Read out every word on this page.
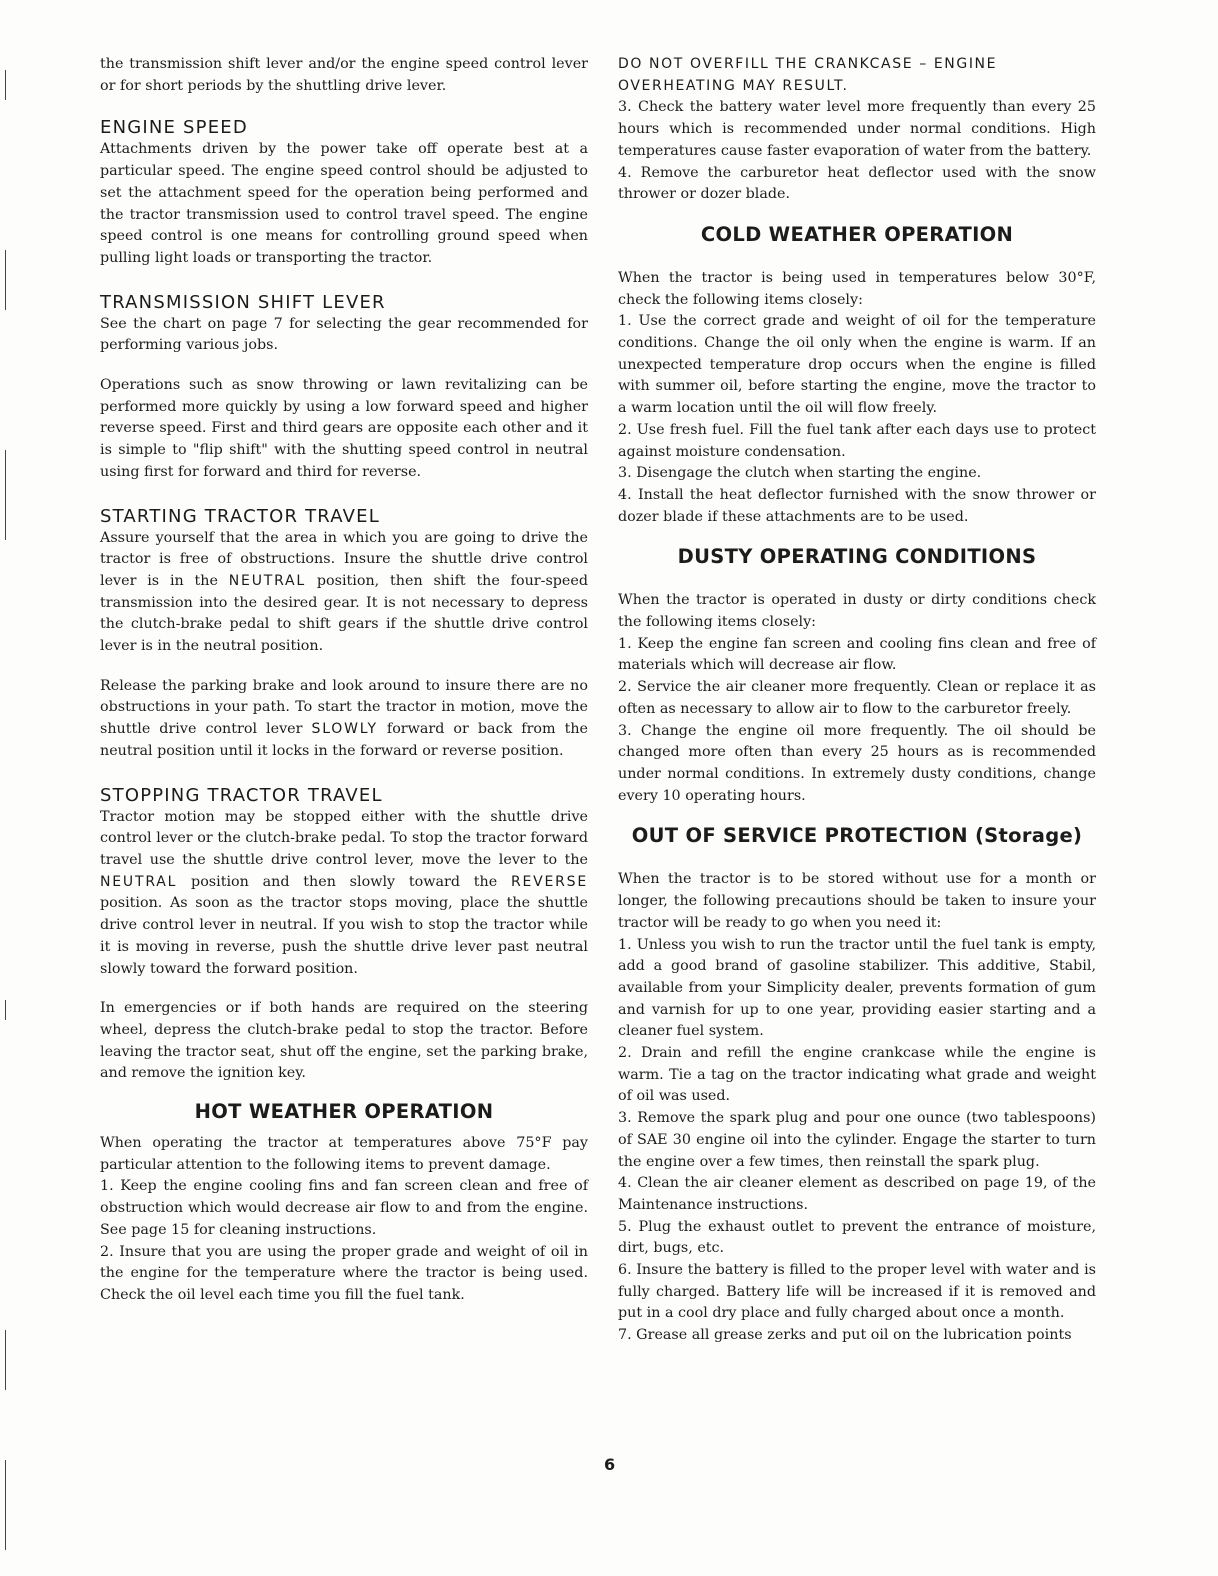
the transmission shift lever and/or the engine speed control lever or for short periods by the shuttling drive lever.

ENGINE SPEED

Attachments driven by the power take off operate best at a particular speed. The engine speed control should be adjusted to set the attachment speed for the operation being performed and the tractor transmission used to control travel speed. The engine speed control is one means for controlling ground speed when pulling light loads or transporting the tractor.

TRANSMISSION SHIFT LEVER

See the chart on page 7 for selecting the gear recommended for performing various jobs.

Operations such as snow throwing or lawn revitalizing can be performed more quickly by using a low forward speed and higher reverse speed. First and third gears are opposite each other and it is simple to "flip shift" with the shutting speed control in neutral using first for forward and third for reverse.

STARTING TRACTOR TRAVEL

Assure yourself that the area in which you are going to drive the tractor is free of obstructions. Insure the shuttle drive control lever is in the NEUTRAL position, then shift the four-speed transmission into the desired gear. It is not necessary to depress the clutch-brake pedal to shift gears if the shuttle drive control lever is in the neutral position.

Release the parking brake and look around to insure there are no obstructions in your path. To start the tractor in motion, move the shuttle drive control lever SLOWLY forward or back from the neutral position until it locks in the forward or reverse position.

STOPPING TRACTOR TRAVEL

Tractor motion may be stopped either with the shuttle drive control lever or the clutch-brake pedal. To stop the tractor forward travel use the shuttle drive control lever, move the lever to the NEUTRAL position and then slowly toward the REVERSE position. As soon as the tractor stops moving, place the shuttle drive control lever in neutral. If you wish to stop the tractor while it is moving in reverse, push the shuttle drive lever past neutral slowly toward the forward position.

In emergencies or if both hands are required on the steering wheel, depress the clutch-brake pedal to stop the tractor. Before leaving the tractor seat, shut off the engine, set the parking brake, and remove the ignition key.

HOT WEATHER OPERATION

When operating the tractor at temperatures above 75°F pay particular attention to the following items to prevent damage.

1. Keep the engine cooling fins and fan screen clean and free of obstruction which would decrease air flow to and from the engine. See page 15 for cleaning instructions.

2. Insure that you are using the proper grade and weight of oil in the engine for the temperature where the tractor is being used. Check the oil level each time you fill the fuel tank.

DO NOT OVERFILL THE CRANKCASE – ENGINE OVERHEATING MAY RESULT.

3. Check the battery water level more frequently than every 25 hours which is recommended under normal conditions. High temperatures cause faster evaporation of water from the battery.

4. Remove the carburetor heat deflector used with the snow thrower or dozer blade.

COLD WEATHER OPERATION

When the tractor is being used in temperatures below 30°F, check the following items closely:

1. Use the correct grade and weight of oil for the temperature conditions. Change the oil only when the engine is warm. If an unexpected temperature drop occurs when the engine is filled with summer oil, before starting the engine, move the tractor to a warm location until the oil will flow freely.

2. Use fresh fuel. Fill the fuel tank after each days use to protect against moisture condensation.

3. Disengage the clutch when starting the engine.

4. Install the heat deflector furnished with the snow thrower or dozer blade if these attachments are to be used.

DUSTY OPERATING CONDITIONS

When the tractor is operated in dusty or dirty conditions check the following items closely:

1. Keep the engine fan screen and cooling fins clean and free of materials which will decrease air flow.

2. Service the air cleaner more frequently. Clean or replace it as often as necessary to allow air to flow to the carburetor freely.

3. Change the engine oil more frequently. The oil should be changed more often than every 25 hours as is recommended under normal conditions. In extremely dusty conditions, change every 10 operating hours.

OUT OF SERVICE PROTECTION (Storage)

When the tractor is to be stored without use for a month or longer, the following precautions should be taken to insure your tractor will be ready to go when you need it:

1. Unless you wish to run the tractor until the fuel tank is empty, add a good brand of gasoline stabilizer. This additive, Stabil, available from your Simplicity dealer, prevents formation of gum and varnish for up to one year, providing easier starting and a cleaner fuel system.

2. Drain and refill the engine crankcase while the engine is warm. Tie a tag on the tractor indicating what grade and weight of oil was used.

3. Remove the spark plug and pour one ounce (two tablespoons) of SAE 30 engine oil into the cylinder. Engage the starter to turn the engine over a few times, then reinstall the spark plug.

4. Clean the air cleaner element as described on page 19, of the Maintenance instructions.

5. Plug the exhaust outlet to prevent the entrance of moisture, dirt, bugs, etc.

6. Insure the battery is filled to the proper level with water and is fully charged. Battery life will be increased if it is removed and put in a cool dry place and fully charged about once a month.

7. Grease all grease zerks and put oil on the lubrication points

6
